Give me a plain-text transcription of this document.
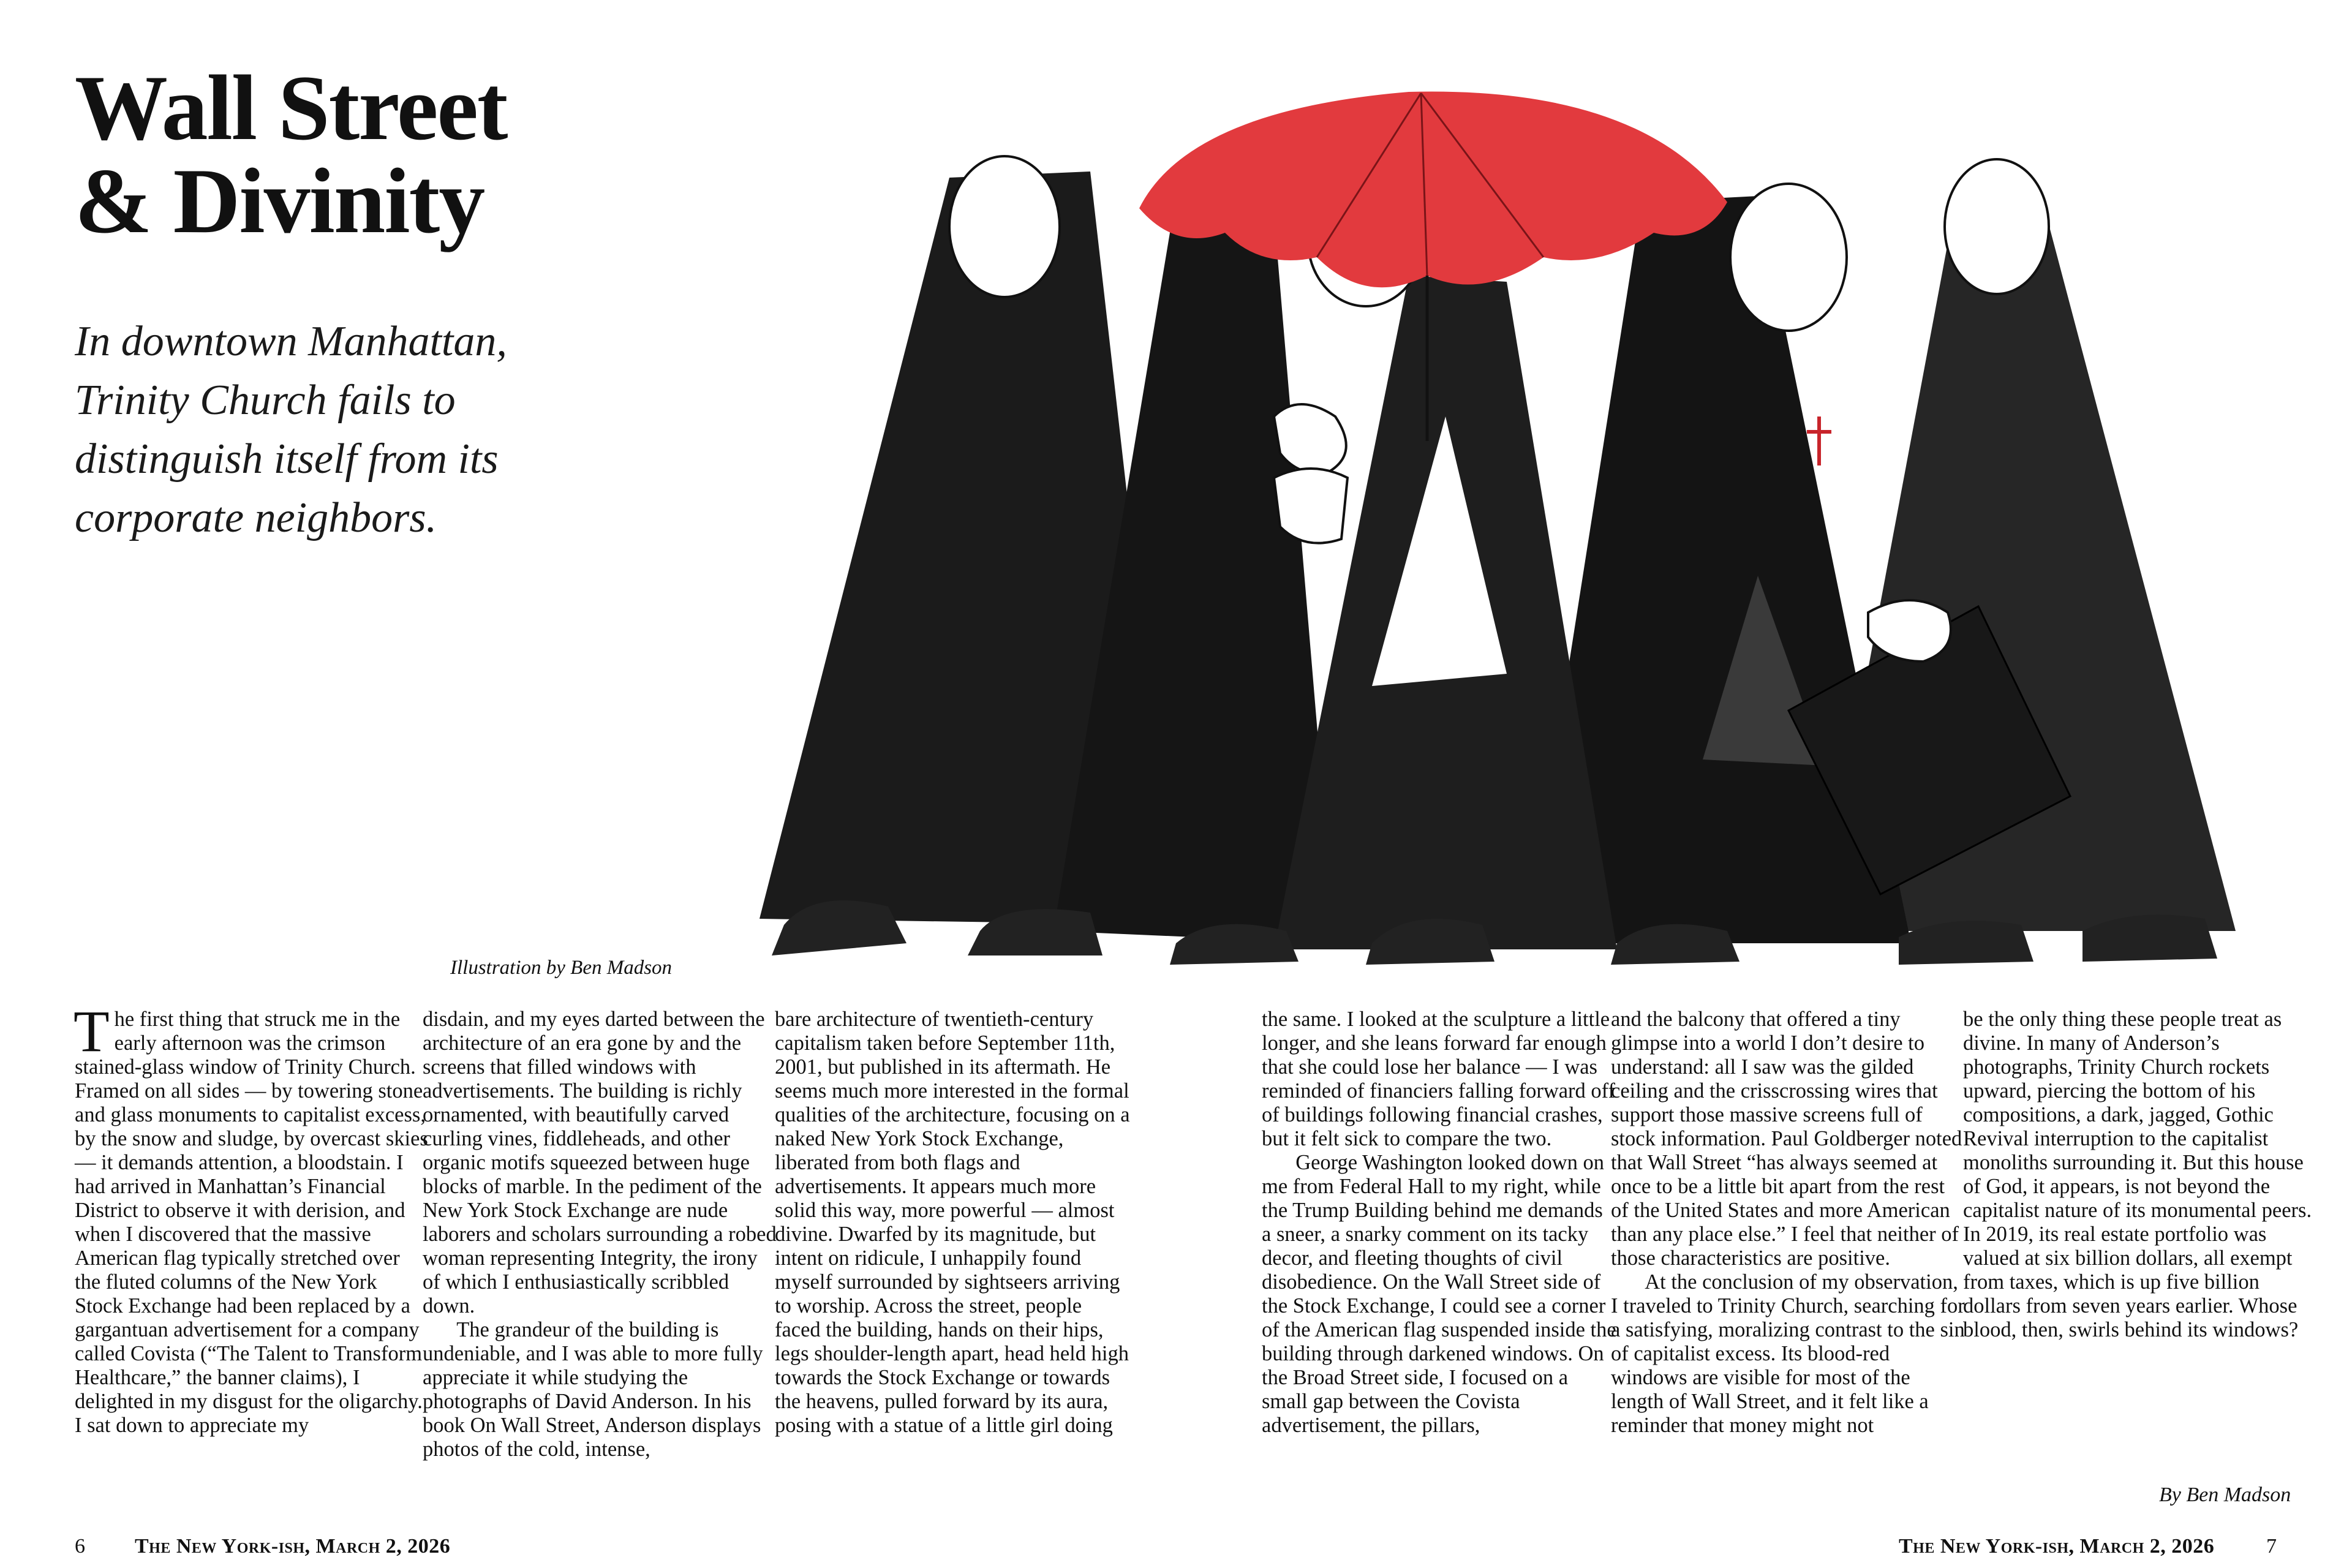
Wall Street
& Divinity

In downtown Manhattan, Trinity Church fails to distinguish itself from its corporate neighbors.

Illustration by Ben Madson

The first thing that struck me in the early afternoon was the crimson stained-glass window of Trinity Church. Framed on all sides — by towering stone and glass monuments to capitalist excess, by the snow and sludge, by overcast skies — it demands attention, a bloodstain. I had arrived in Manhattan’s Financial District to observe it with derision, and when I discovered that the massive American flag typically stretched over the fluted columns of the New York Stock Exchange had been replaced by a gargantuan advertisement for a company called Covista (“The Talent to Transform Healthcare,” the banner claims), I delighted in my disgust for the oligarchy. I sat down to appreciate my

disdain, and my eyes darted between the architecture of an era gone by and the screens that filled windows with advertisements. The building is richly ornamented, with beautifully carved curling vines, fiddleheads, and other organic motifs squeezed between huge blocks of marble. In the pediment of the New York Stock Exchange are nude laborers and scholars surrounding a robed woman representing Integrity, the irony of which I enthusiastically scribbled down.

The grandeur of the building is undeniable, and I was able to more fully appreciate it while studying the photographs of David Anderson. In his book On Wall Street, Anderson displays photos of the cold, intense,

bare architecture of twentieth-century capitalism taken before September 11th, 2001, but published in its aftermath. He seems much more interested in the formal qualities of the architecture, focusing on a naked New York Stock Exchange, liberated from both flags and advertisements. It appears much more solid this way, more powerful — almost divine. Dwarfed by its magnitude, but intent on ridicule, I unhappily found myself surrounded by sightseers arriving to worship. Across the street, people faced the building, hands on their hips, legs shoulder-length apart, head held high towards the Stock Exchange or towards the heavens, pulled forward by its aura, posing with a statue of a little girl doing

the same. I looked at the sculpture a little longer, and she leans forward far enough that she could lose her balance — I was reminded of financiers falling forward off of buildings following financial crashes, but it felt sick to compare the two.

George Washington looked down on me from Federal Hall to my right, while the Trump Building behind me demands a sneer, a snarky comment on its tacky decor, and fleeting thoughts of civil disobedience. On the Wall Street side of the Stock Exchange, I could see a corner of the American flag suspended inside the building through darkened windows. On the Broad Street side, I focused on a small gap between the Covista advertisement, the pillars,

and the balcony that offered a tiny glimpse into a world I don’t desire to understand: all I saw was the gilded ceiling and the crisscrossing wires that support those massive screens full of stock information. Paul Goldberger noted that Wall Street “has always seemed at once to be a little bit apart from the rest of the United States and more American than any place else.” I feel that neither of those characteristics are positive.

At the conclusion of my observation, I traveled to Trinity Church, searching for a satisfying, moralizing contrast to the sin of capitalist excess. Its blood-red windows are visible for most of the length of Wall Street, and it felt like a reminder that money might not

be the only thing these people treat as divine. In many of Anderson’s photographs, Trinity Church rockets upward, piercing the bottom of his compositions, a dark, jagged, Gothic Revival interruption to the capitalist monoliths surrounding it. But this house of God, it appears, is not beyond the capitalist nature of its monumental peers. In 2019, its real estate portfolio was valued at six billion dollars, all exempt from taxes, which is up five billion dollars from seven years earlier. Whose blood, then, swirls behind its windows?

By Ben Madson
6 The New York-ish, March 2, 2026	The New York-ish, March 2, 2026 7
